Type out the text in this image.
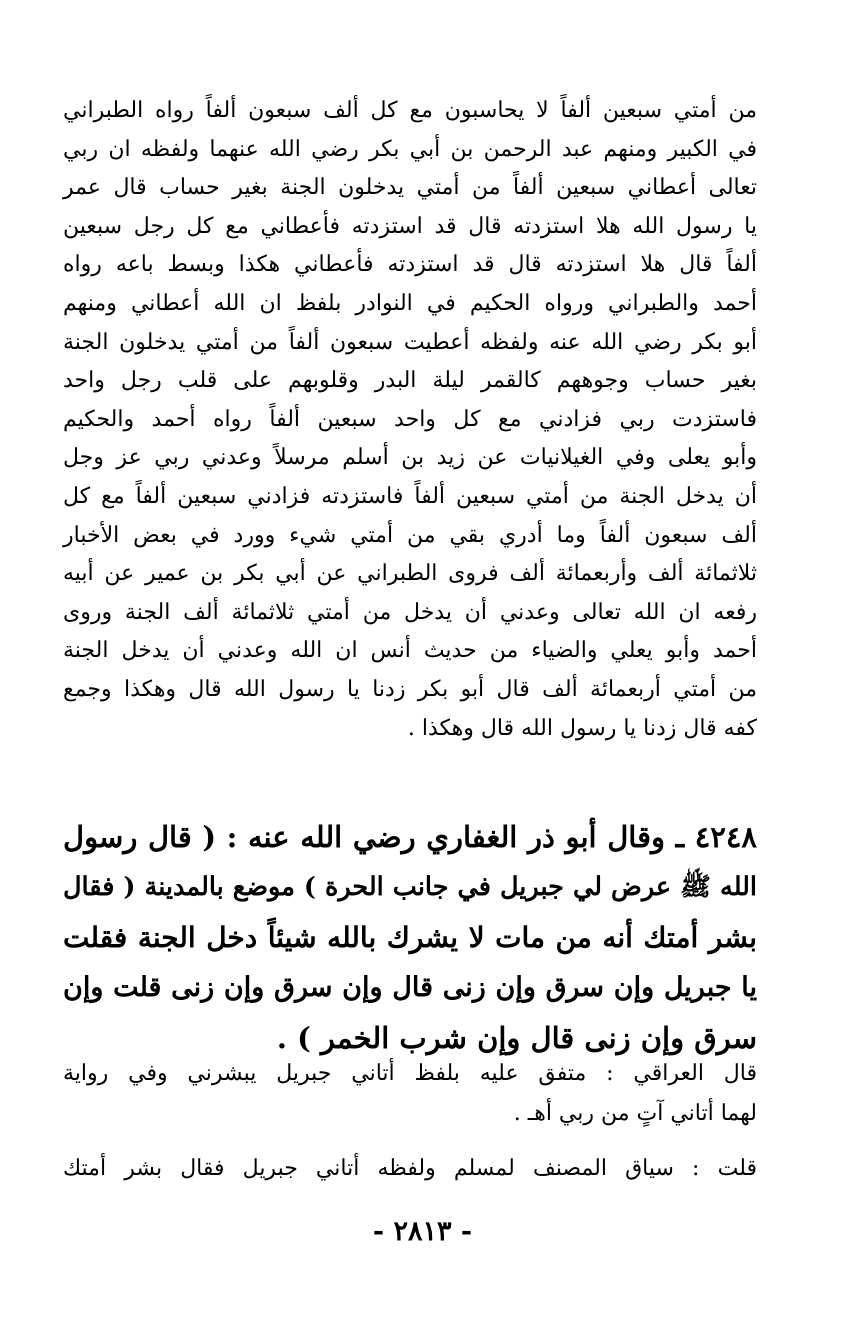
من أمتي سبعين ألفاً لا يحاسبون مع كل ألف سبعون ألفاً رواه الطبراني
في الكبير ومنهم عبد الرحمن بن أبي بكر رضي الله عنهما ولفظه ان ربي
تعالى أعطاني سبعين ألفاً من أمتي يدخلون الجنة بغير حساب قال عمر
يا رسول الله هلا استزدته قال قد استزدته فأعطاني مع كل رجل سبعين
ألفاً قال هلا استزدته قال قد استزدته فأعطاني هكذا وبسط باعه رواه
أحمد والطبراني ورواه الحكيم في النوادر بلفظ ان الله أعطاني ومنهم
أبو بكر رضي الله عنه ولفظه أعطيت سبعون ألفاً من أمتي يدخلون الجنة
بغير حساب وجوههم كالقمر ليلة البدر وقلوبهم على قلب رجل واحد
فاستزدت ربي فزادني مع كل واحد سبعين ألفاً رواه أحمد والحكيم
وأبو يعلى وفي الغيلانيات عن زيد بن أسلم مرسلاً وعدني ربي عز وجل
أن يدخل الجنة من أمتي سبعين ألفاً فاستزدته فزادني سبعين ألفاً مع كل
ألف سبعون ألفاً وما أدري بقي من أمتي شيء وورد في بعض الأخبار
ثلاثمائة ألف وأربعمائة ألف فروى الطبراني عن أبي بكر بن عمير عن أبيه
رفعه ان الله تعالى وعدني أن يدخل من أمتي ثلاثمائة ألف الجنة وروى
أحمد وأبو يعلي والضياء من حديث أنس ان الله وعدني أن يدخل الجنة
من أمتي أربعمائة ألف قال أبو بكر زدنا يا رسول الله قال وهكذا وجمع
كفه قال زدنا يا رسول الله قال وهكذا .
٤٢٤٨ ـ وقال أبو ذر الغفاري رضي الله عنه : ( قال رسول
الله ﷺ عرض لي جبريل في جانب الحرة ) موضع بالمدينة ( فقال
بشر أمتك أنه من مات لا يشرك بالله شيئاً دخل الجنة فقلت
يا جبريل وإن سرق وإن زنى قال وإن سرق وإن زنى قلت وإن
سرق وإن زنى قال وإن شرب الخمر ) .
قال العراقي : متفق عليه بلفظ أتاني جبريل يبشرني وفي رواية
لهما أتاني آتٍ من ربي أهـ .
قلت : سياق المصنف لمسلم ولفظه أتاني جبريل فقال بشر أمتك
- ٢٨١٣ -
